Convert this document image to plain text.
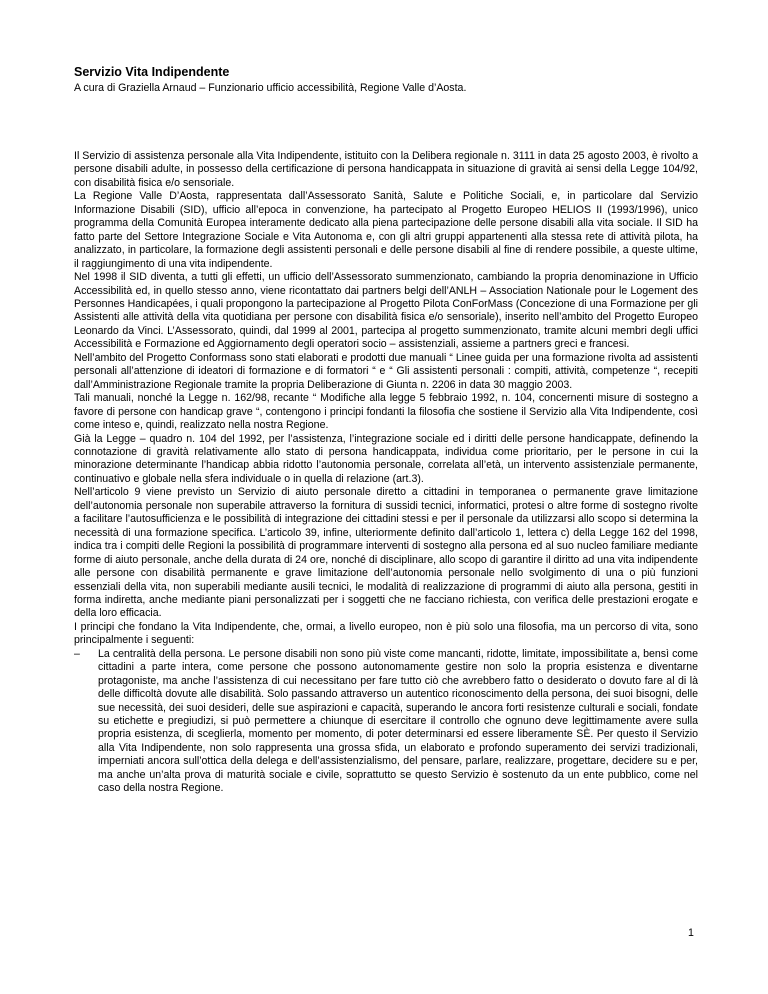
Servizio Vita Indipendente
A cura di Graziella Arnaud – Funzionario ufficio accessibilità, Regione Valle d’Aosta.

Il Servizio di assistenza personale alla Vita Indipendente, istituito con la Delibera regionale n. 3111 in data 25 agosto 2003, è rivolto a persone disabili adulte, in possesso della certificazione di persona handicappata in situazione di gravità ai sensi della Legge 104/92, con disabilità fisica e/o sensoriale.

La Regione Valle D’Aosta, rappresentata dall’Assessorato Sanità, Salute e Politiche Sociali, e, in particolare dal Servizio Informazione Disabili (SID), ufficio all’epoca in convenzione, ha partecipato al Progetto Europeo HELIOS II (1993/1996), unico programma della Comunità Europea interamente dedicato alla piena partecipazione delle persone disabili alla vita sociale. Il SID ha fatto parte del Settore Integrazione Sociale e Vita Autonoma e, con gli altri gruppi appartenenti alla stessa rete di attività pilota, ha analizzato, in particolare, la formazione degli assistenti personali e delle persone disabili al fine di rendere possibile, a queste ultime, il raggiungimento di una vita indipendente.

Nel 1998 il SID diventa, a tutti gli effetti, un ufficio dell’Assessorato summenzionato, cambiando la propria denominazione in Ufficio Accessibilità ed, in quello stesso anno, viene ricontattato dai partners belgi dell’ANLH – Association Nationale pour le Logement des Personnes Handicapées, i quali propongono la partecipazione al Progetto Pilota ConForMass (Concezione di una Formazione per gli Assistenti alle attività della vita quotidiana per persone con disabilità fisica e/o sensoriale), inserito nell’ambito del Progetto Europeo Leonardo da Vinci. L’Assessorato, quindi, dal 1999 al 2001, partecipa al progetto summenzionato, tramite alcuni membri degli uffici Accessibilità e Formazione ed Aggiornamento degli operatori socio – assistenziali, assieme a partners greci e francesi.

Nell’ambito del Progetto Conformass sono stati elaborati e prodotti due manuali “ Linee guida per una formazione rivolta ad assistenti personali all’attenzione di ideatori di formazione e di formatori “ e “ Gli assistenti personali : compiti, attività, competenze “, recepiti dall’Amministrazione Regionale tramite la propria Deliberazione di Giunta n. 2206 in data 30 maggio 2003.

Tali manuali, nonché la Legge n. 162/98, recante “ Modifiche alla legge 5 febbraio 1992, n. 104, concernenti misure di sostegno a favore di persone con handicap grave “, contengono i principi fondanti la filosofia che sostiene il Servizio alla Vita Indipendente, così come inteso e, quindi, realizzato nella nostra Regione.

Già la Legge – quadro n. 104 del 1992, per l’assistenza, l’integrazione sociale ed i diritti delle persone handicappate, definendo la connotazione di gravità relativamente allo stato di persona handicappata, individua come prioritario, per le persone in cui la minorazione determinante l’handicap abbia ridotto l’autonomia personale, correlata all’età, un intervento assistenziale permanente, continuativo e globale nella sfera individuale o in quella di relazione (art.3).

Nell’articolo 9 viene previsto un Servizio di aiuto personale diretto a cittadini in temporanea o permanente grave limitazione dell’autonomia personale non superabile attraverso la fornitura di sussidi tecnici, informatici, protesi o altre forme di sostegno rivolte a facilitare l’autosufficienza e le possibilità di integrazione dei cittadini stessi e per il personale da utilizzarsi allo scopo si determina la necessità di una formazione specifica. L’articolo 39, infine, ulteriormente definito dall’articolo 1, lettera c) della Legge 162 del 1998, indica tra i compiti delle Regioni la possibilità di programmare interventi di sostegno alla persona ed al suo nucleo familiare mediante forme di aiuto personale, anche della durata di 24 ore, nonché di disciplinare, allo scopo di garantire il diritto ad una vita indipendente alle persone con disabilità permanente e grave limitazione dell’autonomia personale nello svolgimento di una o più funzioni essenziali della vita, non superabili mediante ausili tecnici, le modalità di realizzazione di programmi di aiuto alla persona, gestiti in forma indiretta, anche mediante piani personalizzati per i soggetti che ne facciano richiesta, con verifica delle prestazioni erogate e della loro efficacia.

I principi che fondano la Vita Indipendente, che, ormai, a livello europeo, non è più solo una filosofia, ma un percorso di vita, sono principalmente i seguenti:

– La centralità della persona. Le persone disabili non sono più viste come mancanti, ridotte, limitate, impossibilitate a, bensì come cittadini a parte intera, come persone che possono autonomamente gestire non solo la propria esistenza e diventarne protagoniste, ma anche l’assistenza di cui necessitano per fare tutto ciò che avrebbero fatto o desiderato o dovuto fare al di là delle difficoltà dovute alle disabilità. Solo passando attraverso un autentico riconoscimento della persona, dei suoi bisogni, delle sue necessità, dei suoi desideri, delle sue aspirazioni e capacità, superando le ancora forti resistenze culturali e sociali, fondate su etichette e pregiudizi, si può permettere a chiunque di esercitare il controllo che ognuno deve legittimamente avere sulla propria esistenza, di sceglierla, momento per momento, di poter determinarsi ed essere liberamente SÈ. Per questo il Servizio alla Vita Indipendente, non solo rappresenta una grossa sfida, un elaborato e profondo superamento dei servizi tradizionali, imperniati ancora sull’ottica della delega e dell’assistenzialismo, del pensare, parlare, realizzare, progettare, decidere su e per, ma anche un’alta prova di maturità sociale e civile, soprattutto se questo Servizio è sostenuto da un ente pubblico, come nel caso della nostra Regione.
1
